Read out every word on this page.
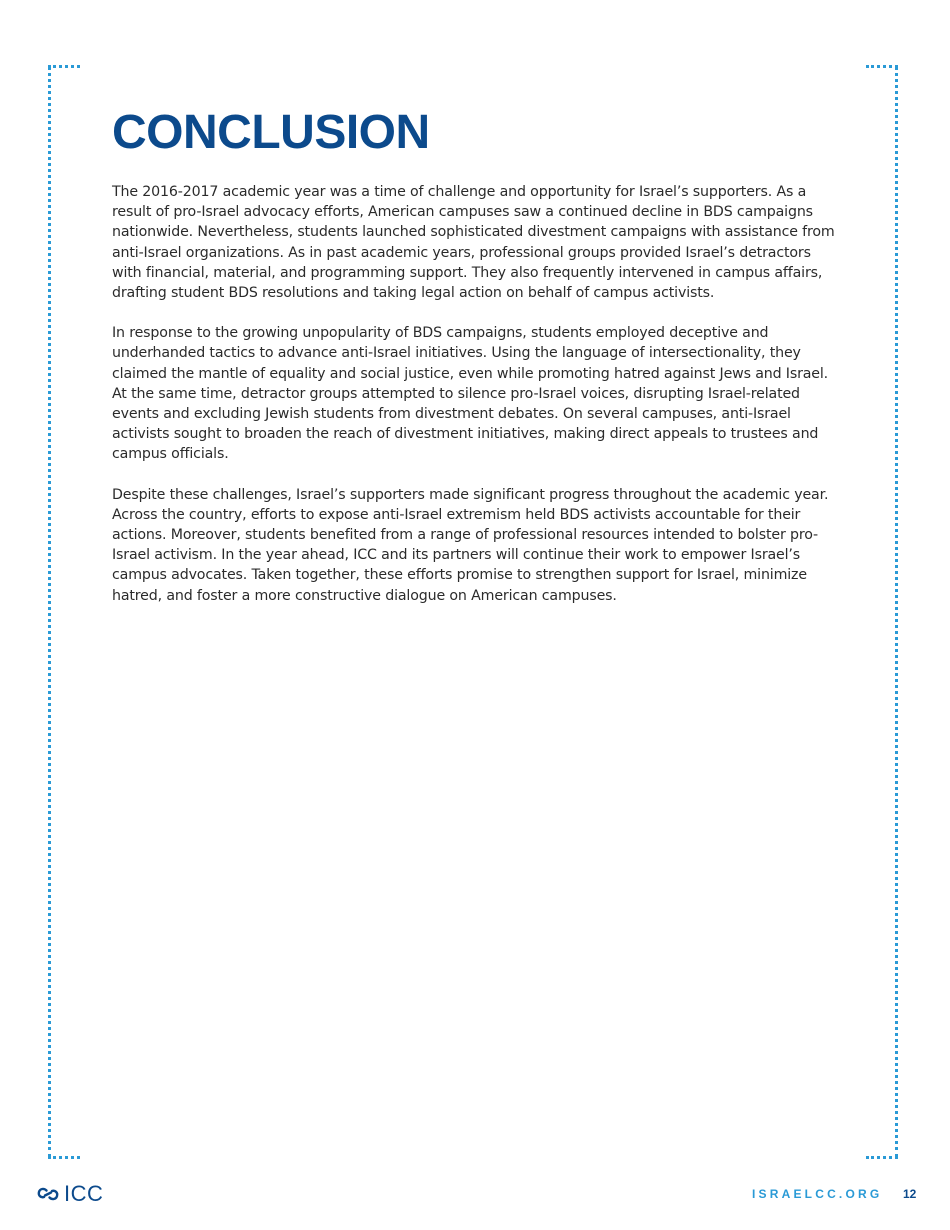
CONCLUSION

The 2016-2017 academic year was a time of challenge and opportunity for Israel’s supporters. As a result of pro-Israel advocacy efforts, American campuses saw a continued decline in BDS campaigns nationwide. Nevertheless, students launched sophisticated divestment campaigns with assistance from anti-Israel organizations. As in past academic years, professional groups provided Israel’s detractors with financial, material, and programming support. They also frequently intervened in campus affairs, drafting student BDS resolutions and taking legal action on behalf of campus activists.

In response to the growing unpopularity of BDS campaigns, students employed deceptive and underhanded tactics to advance anti-Israel initiatives. Using the language of intersectionality, they claimed the mantle of equality and social justice, even while promoting hatred against Jews and Israel. At the same time, detractor groups attempted to silence pro-Israel voices, disrupting Israel-related events and excluding Jewish students from divestment debates. On several campuses, anti-Israel activists sought to broaden the reach of divestment initiatives, making direct appeals to trustees and campus officials.

Despite these challenges, Israel’s supporters made significant progress throughout the academic year. Across the country, efforts to expose anti-Israel extremism held BDS activists accountable for their actions. Moreover, students benefited from a range of professional resources intended to bolster pro-Israel activism. In the year ahead, ICC and its partners will continue their work to empower Israel’s campus advocates. Taken together, these efforts promise to strengthen support for Israel, minimize hatred, and foster a more constructive dialogue on American campuses.

ICC	ISRAELCC.ORG 12
